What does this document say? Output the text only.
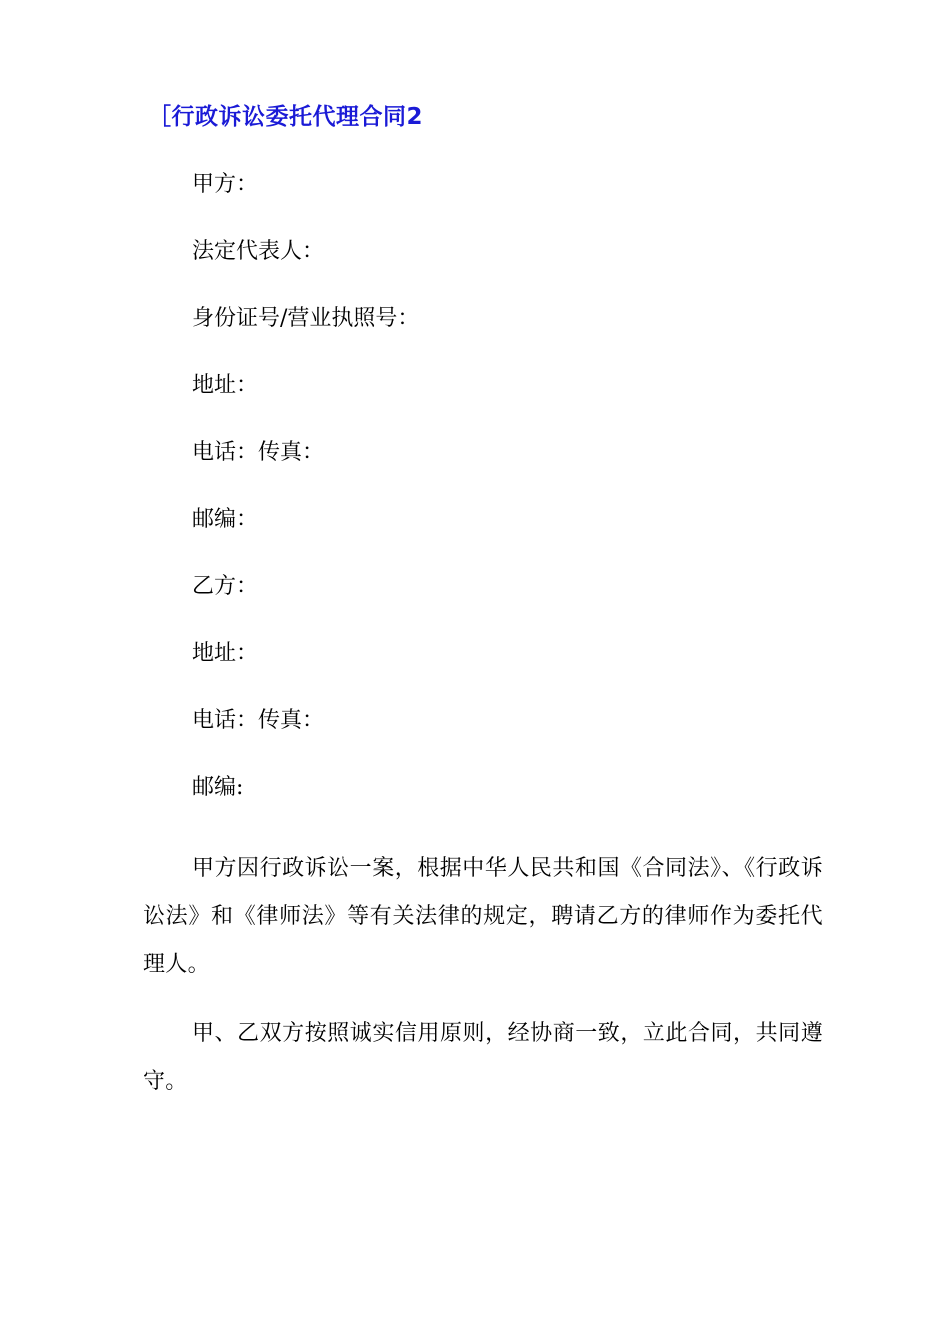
［行政诉讼委托代理合同2
甲方：
法定代表人：
身份证号/营业执照号：
地址：
电话：传真：
邮编：
乙方：
地址：
电话：传真：
邮编:
甲方因行政诉讼一案，根据中华人民共和国《合同法》、《行政诉讼法》和《律师法》等有关法律的规定，聘请乙方的律师作为委托代理人。
甲、乙双方按照诚实信用原则，经协商一致，立此合同，共同遵守。
